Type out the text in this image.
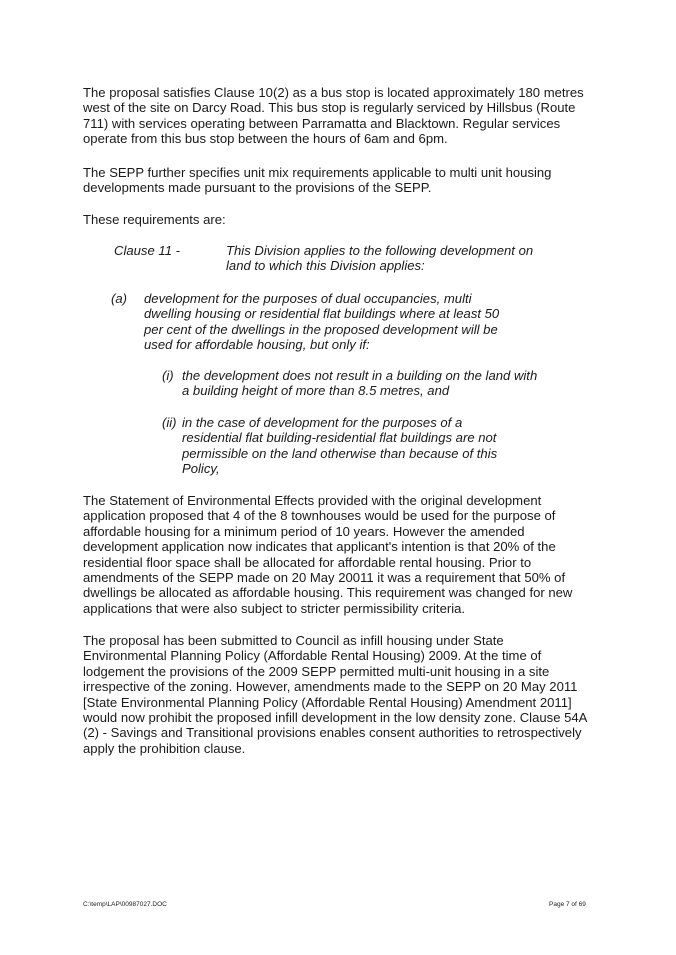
The proposal satisfies Clause 10(2) as a bus stop is located approximately 180 metres west of the site on Darcy Road. This bus stop is regularly serviced by Hillsbus (Route 711) with services operating between Parramatta and Blacktown. Regular services operate from this bus stop between the hours of 6am and 6pm.

The SEPP further specifies unit mix requirements applicable to multi unit housing developments made pursuant to the provisions of the SEPP.

These requirements are:

Clause 11 -	This Division applies to the following development on land to which this Division applies:
(a) development for the purposes of dual occupancies, multi dwelling housing or residential flat buildings where at least 50 per cent of the dwellings in the proposed development will be used for affordable housing, but only if:
(i) the development does not result in a building on the land with a building height of more than 8.5 metres, and
(ii) in the case of development for the purposes of a residential flat building-residential flat buildings are not permissible on the land otherwise than because of this Policy,

The Statement of Environmental Effects provided with the original development application proposed that 4 of the 8 townhouses would be used for the purpose of affordable housing for a minimum period of 10 years. However the amended development application now indicates that applicant's intention is that 20% of the residential floor space shall be allocated for affordable rental housing. Prior to amendments of the SEPP made on 20 May 20011 it was a requirement that 50% of dwellings be allocated as affordable housing. This requirement was changed for new applications that were also subject to stricter permissibility criteria.

The proposal has been submitted to Council as infill housing under State Environmental Planning Policy (Affordable Rental Housing) 2009. At the time of lodgement the provisions of the 2009 SEPP permitted multi-unit housing in a site irrespective of the zoning. However, amendments made to the SEPP on 20 May 2011 [State Environmental Planning Policy (Affordable Rental Housing) Amendment 2011] would now prohibit the proposed infill development in the low density zone. Clause 54A (2) - Savings and Transitional provisions enables consent authorities to retrospectively apply the prohibition clause.

C:\temp\LAP\00987027.DOC	Page 7 of 69
